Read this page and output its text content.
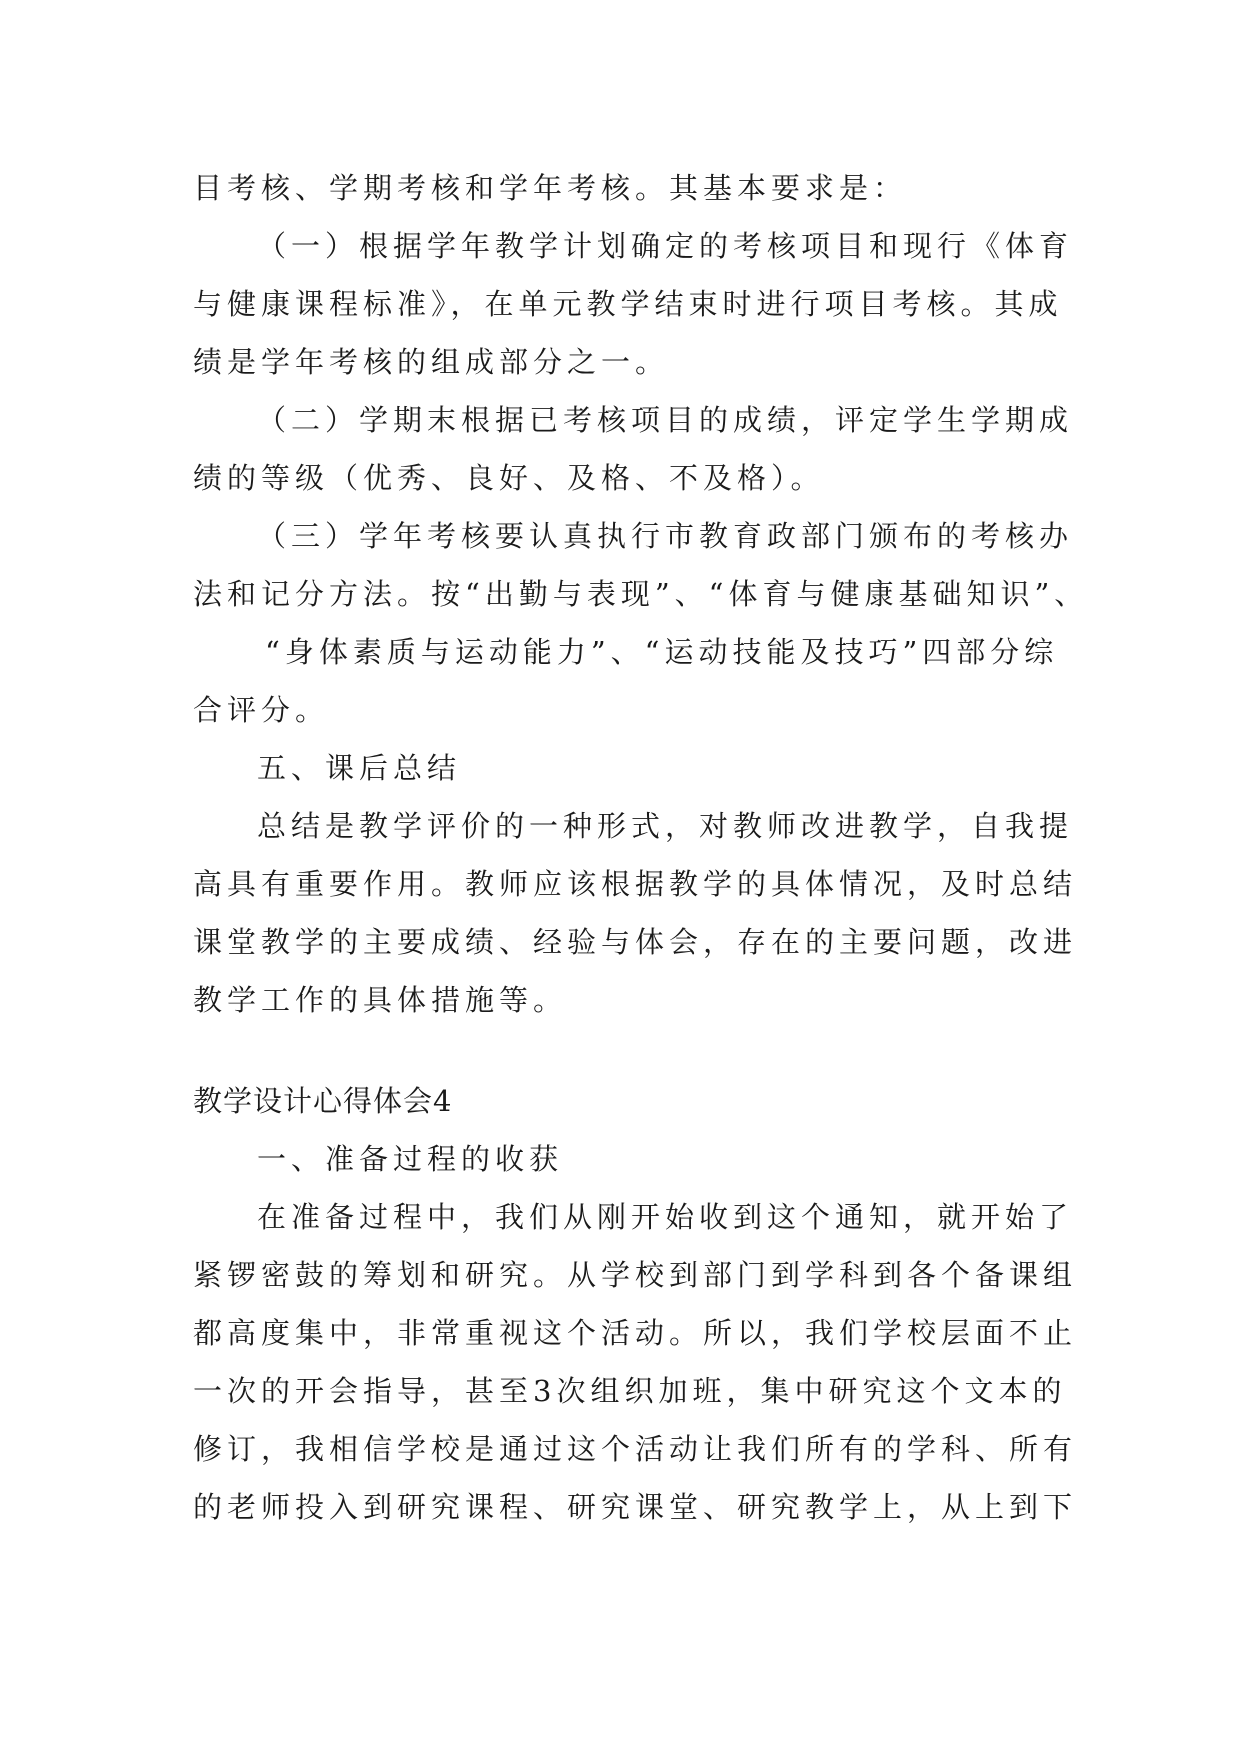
目考核、学期考核和学年考核。其基本要求是：
（一）根据学年教学计划确定的考核项目和现行《体育
与健康课程标准》，在单元教学结束时进行项目考核。其成
绩是学年考核的组成部分之一。
（二）学期末根据已考核项目的成绩，评定学生学期成
绩的等级（优秀、良好、及格、不及格）。
（三）学年考核要认真执行市教育政部门颁布的考核办
法和记分方法。按“出勤与表现”、“体育与健康基础知识”、
“身体素质与运动能力”、“运动技能及技巧”四部分综
合评分。
五、课后总结
总结是教学评价的一种形式，对教师改进教学，自我提
高具有重要作用。教师应该根据教学的具体情况，及时总结
课堂教学的主要成绩、经验与体会，存在的主要问题，改进
教学工作的具体措施等。
教学设计心得体会4
一、准备过程的收获
在准备过程中，我们从刚开始收到这个通知，就开始了
紧锣密鼓的筹划和研究。从学校到部门到学科到各个备课组
都高度集中，非常重视这个活动。所以，我们学校层面不止
一次的开会指导，甚至3次组织加班，集中研究这个文本的
修订，我相信学校是通过这个活动让我们所有的学科、所有
的老师投入到研究课程、研究课堂、研究教学上，从上到下
